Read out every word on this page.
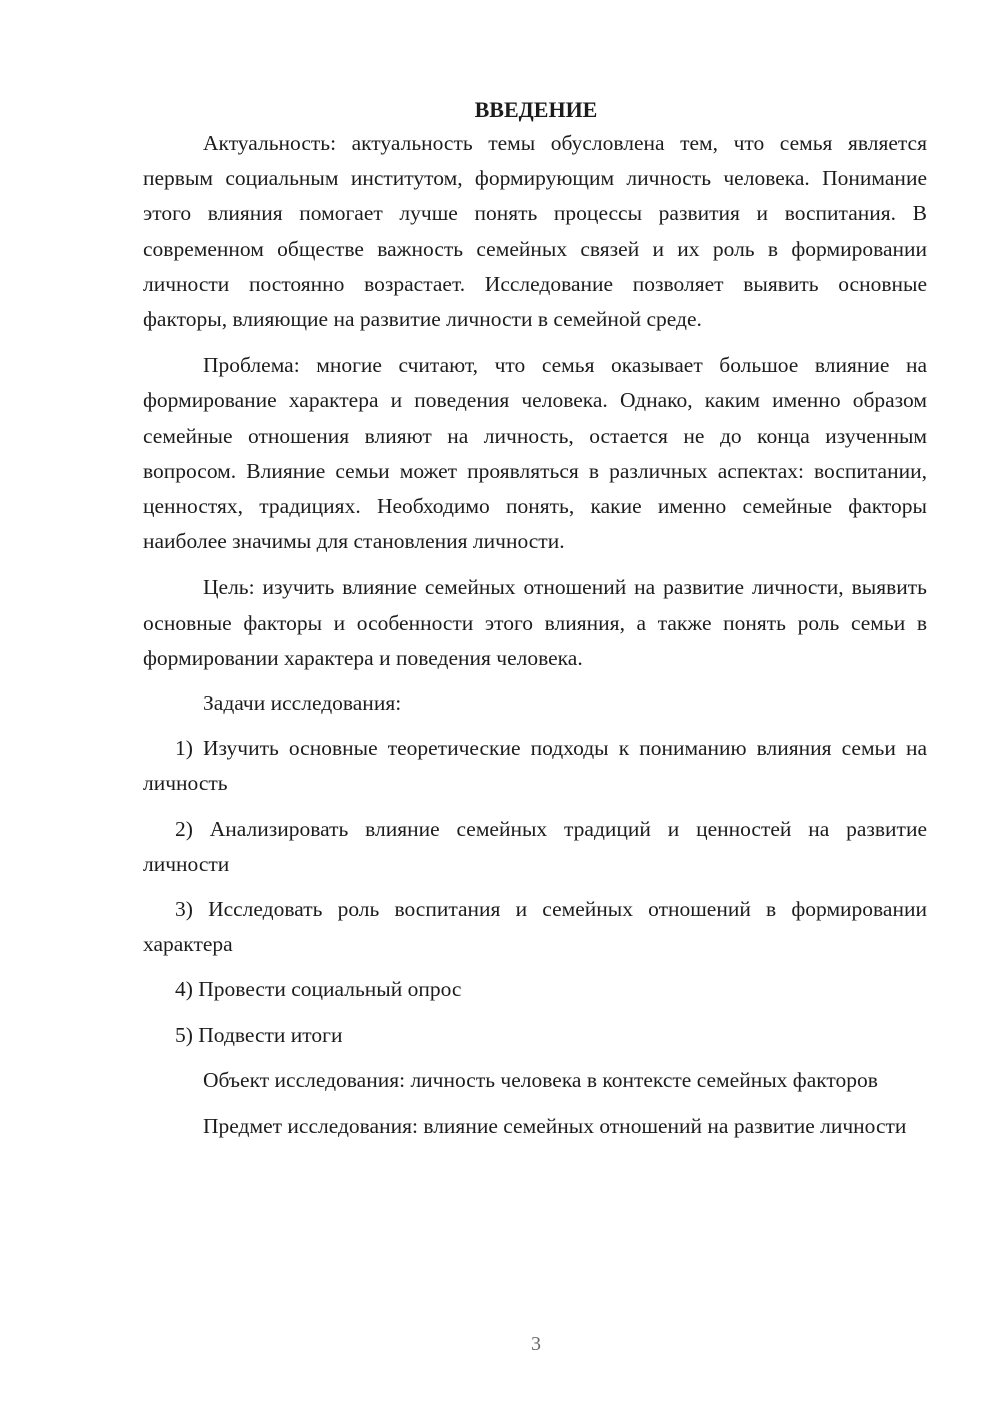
ВВЕДЕНИЕ

Актуальность: актуальность темы обусловлена тем, что семья является первым социальным институтом, формирующим личность человека. Понимание этого влияния помогает лучше понять процессы развития и воспитания. В современном обществе важность семейных связей и их роль в формировании личности постоянно возрастает. Исследование позволяет выявить основные факторы, влияющие на развитие личности в семейной среде.

Проблема: многие считают, что семья оказывает большое влияние на формирование характера и поведения человека. Однако, каким именно образом семейные отношения влияют на личность, остается не до конца изученным вопросом. Влияние семьи может проявляться в различных аспектах: воспитании, ценностях, традициях. Необходимо понять, какие именно семейные факторы наиболее значимы для становления личности.

Цель: изучить влияние семейных отношений на развитие личности, выявить основные факторы и особенности этого влияния, а также понять роль семьи в формировании характера и поведения человека.

Задачи исследования:

1) Изучить основные теоретические подходы к пониманию влияния семьи на личность

2) Анализировать влияние семейных традиций и ценностей на развитие личности

3) Исследовать роль воспитания и семейных отношений в формировании характера

4) Провести социальный опрос

5) Подвести итоги

Объект исследования: личность человека в контексте семейных факторов

Предмет исследования: влияние семейных отношений на развитие личности

3
